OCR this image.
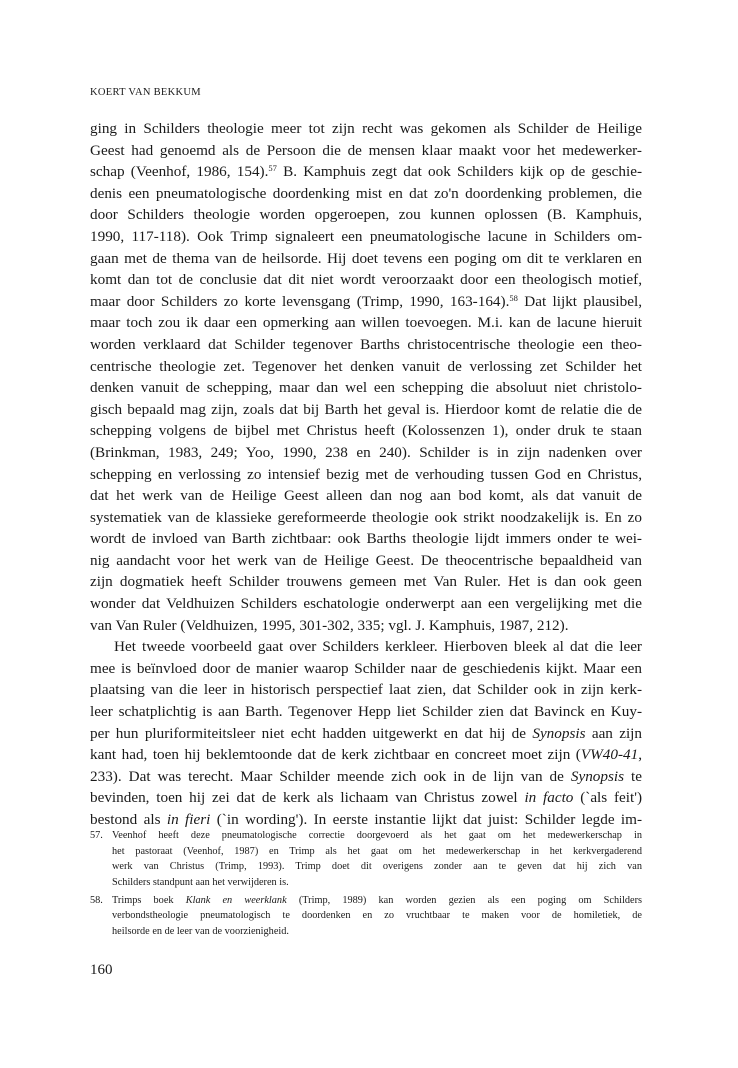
KOERT VAN BEKKUM
ging in Schilders theologie meer tot zijn recht was gekomen als Schilder de Heilige
Geest had genoemd als de Persoon die de mensen klaar maakt voor het medewerker-
schap (Veenhof, 1986, 154).$^{57}$ B. Kamphuis zegt dat ook Schilders kijk op de geschie-
denis een pneumatologische doordenking mist en dat zo'n doordenking problemen, die
door Schilders theologie worden opgeroepen, zou kunnen oplossen (B. Kamphuis,
1990, 117-118). Ook Trimp signaleert een pneumatologische lacune in Schilders om-
gaan met de thema van de heilsorde. Hij doet tevens een poging om dit te verklaren en
komt dan tot de conclusie dat dit niet wordt veroorzaakt door een theologisch motief,
maar door Schilders zo korte levensgang (Trimp, 1990, 163-164).$^{58}$ Dat lijkt plausibel,
maar toch zou ik daar een opmerking aan willen toevoegen. M.i. kan de lacune hieruit
worden verklaard dat Schilder tegenover Barths christocentrische theologie een theo-
centrische theologie zet. Tegenover het denken vanuit de verlossing zet Schilder het
denken vanuit de schepping, maar dan wel een schepping die absoluut niet christolo-
gisch bepaald mag zijn, zoals dat bij Barth het geval is. Hierdoor komt de relatie die de
schepping volgens de bijbel met Christus heeft (Kolossenzen 1), onder druk te staan
(Brinkman, 1983, 249; Yoo, 1990, 238 en 240). Schilder is in zijn nadenken over
schepping en verlossing zo intensief bezig met de verhouding tussen God en Christus,
dat het werk van de Heilige Geest alleen dan nog aan bod komt, als dat vanuit de
systematiek van de klassieke gereformeerde theologie ook strikt noodzakelijk is. En zo
wordt de invloed van Barth zichtbaar: ook Barths theologie lijdt immers onder te wei-
nig aandacht voor het werk van de Heilige Geest. De theocentrische bepaaldheid van
zijn dogmatiek heeft Schilder trouwens gemeen met Van Ruler. Het is dan ook geen
wonder dat Veldhuizen Schilders eschatologie onderwerpt aan een vergelijking met die
van Van Ruler (Veldhuizen, 1995, 301-302, 335; vgl. J. Kamphuis, 1987, 212).
Het tweede voorbeeld gaat over Schilders kerkleer. Hierboven bleek al dat die leer
mee is beïnvloed door de manier waarop Schilder naar de geschiedenis kijkt. Maar een
plaatsing van die leer in historisch perspectief laat zien, dat Schilder ook in zijn kerk-
leer schatplichtig is aan Barth. Tegenover Hepp liet Schilder zien dat Bavinck en Kuy-
per hun pluriformiteitsleer niet echt hadden uitgewerkt en dat hij de Synopsis aan zijn
kant had, toen hij beklemtoonde dat de kerk zichtbaar en concreet moet zijn (VW40-41,
233). Dat was terecht. Maar Schilder meende zich ook in de lijn van de Synopsis te
bevinden, toen hij zei dat de kerk als lichaam van Christus zowel in facto (`als feit')
bestond als in fieri (`in wording'). In eerste instantie lijkt dat juist: Schilder legde im-
57. Veenhof heeft deze pneumatologische correctie doorgevoerd als het gaat om het medewerkerschap in
het pastoraat (Veenhof, 1987) en Trimp als het gaat om het medewerkerschap in het kerkvergaderend
werk van Christus (Trimp, 1993). Trimp doet dit overigens zonder aan te geven dat hij zich van
Schilders standpunt aan het verwijderen is.
58. Trimps boek Klank en weerklank (Trimp, 1989) kan worden gezien als een poging om Schilders
verbondstheologie pneumatologisch te doordenken en zo vruchtbaar te maken voor de homiletiek, de
heilsorde en de leer van de voorzienigheid.
160
